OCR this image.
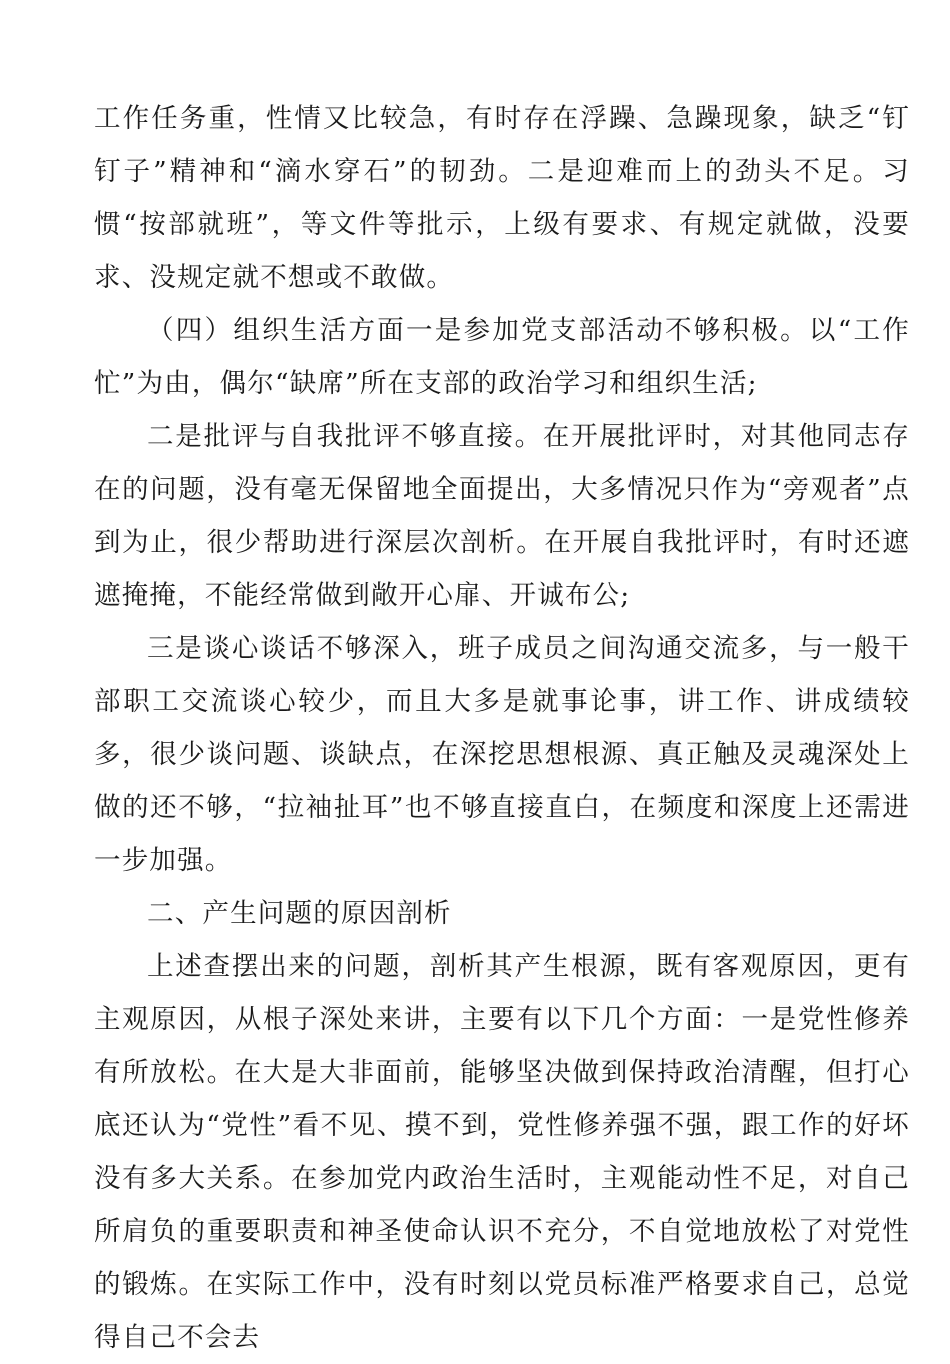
工作任务重，性情又比较急，有时存在浮躁、急躁现象，缺乏“钉钉子”精神和“滴水穿石”的韧劲。二是迎难而上的劲头不足。习惯“按部就班”，等文件等批示，上级有要求、有规定就做，没要求、没规定就不想或不敢做。

（四）组织生活方面一是参加党支部活动不够积极。以“工作忙”为由，偶尔“缺席”所在支部的政治学习和组织生活;

二是批评与自我批评不够直接。在开展批评时，对其他同志存在的问题，没有毫无保留地全面提出，大多情况只作为“旁观者”点到为止，很少帮助进行深层次剖析。在开展自我批评时，有时还遮遮掩掩，不能经常做到敞开心扉、开诚布公;

三是谈心谈话不够深入，班子成员之间沟通交流多，与一般干部职工交流谈心较少，而且大多是就事论事，讲工作、讲成绩较多，很少谈问题、谈缺点，在深挖思想根源、真正触及灵魂深处上做的还不够，“拉袖扯耳”也不够直接直白，在频度和深度上还需进一步加强。

二、产生问题的原因剖析

上述查摆出来的问题，剖析其产生根源，既有客观原因，更有主观原因，从根子深处来讲，主要有以下几个方面：一是党性修养有所放松。在大是大非面前，能够坚决做到保持政治清醒，但打心底还认为“党性”看不见、摸不到，党性修养强不强，跟工作的好坏没有多大关系。在参加党内政治生活时，主观能动性不足，对自己所肩负的重要职责和神圣使命认识不充分，不自觉地放松了对党性的锻炼。在实际工作中，没有时刻以党员标准严格要求自己，总觉得自己不会去
